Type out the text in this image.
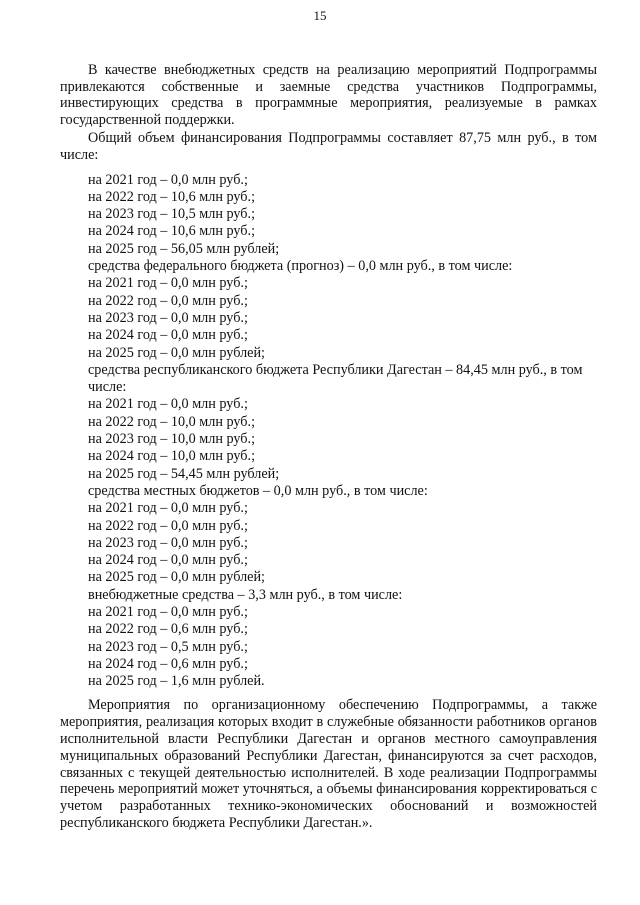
15

В качестве внебюджетных средств на реализацию мероприятий Подпрограммы привлекаются собственные и заемные средства участников Подпрограммы, инвестирующих средства в программные мероприятия, реализуемые в рамках государственной поддержки.

Общий объем финансирования Подпрограммы составляет 87,75 млн руб., в том числе:

на 2021 год – 0,0 млн руб.;
на 2022 год – 10,6 млн руб.;
на 2023 год – 10,5 млн руб.;
на 2024 год – 10,6 млн руб.;
на 2025 год – 56,05 млн рублей;
средства федерального бюджета (прогноз) – 0,0 млн руб., в том числе:
на 2021 год – 0,0 млн руб.;
на 2022 год – 0,0 млн руб.;
на 2023 год – 0,0 млн руб.;
на 2024 год – 0,0 млн руб.;
на 2025 год – 0,0 млн рублей;
средства республиканского бюджета Республики Дагестан – 84,45 млн руб., в том числе:
на 2021 год – 0,0 млн руб.;
на 2022 год – 10,0 млн руб.;
на 2023 год – 10,0 млн руб.;
на 2024 год – 10,0 млн руб.;
на 2025 год – 54,45 млн рублей;
средства местных бюджетов – 0,0 млн руб., в том числе:
на 2021 год – 0,0 млн руб.;
на 2022 год – 0,0 млн руб.;
на 2023 год – 0,0 млн руб.;
на 2024 год – 0,0 млн руб.;
на 2025 год – 0,0 млн рублей;
внебюджетные средства – 3,3 млн руб., в том числе:
на 2021 год – 0,0 млн руб.;
на 2022 год – 0,6 млн руб.;
на 2023 год – 0,5 млн руб.;
на 2024 год – 0,6 млн руб.;
на 2025 год – 1,6 млн рублей.

Мероприятия по организационному обеспечению Подпрограммы, а также мероприятия, реализация которых входит в служебные обязанности работников органов исполнительной власти Республики Дагестан и органов местного самоуправления муниципальных образований Республики Дагестан, финансируются за счет расходов, связанных с текущей деятельностью исполнителей. В ходе реализации Подпрограммы перечень мероприятий может уточняться, а объемы финансирования корректироваться с учетом разработанных технико-экономических обоснований и возможностей республиканского бюджета Республики Дагестан.».
